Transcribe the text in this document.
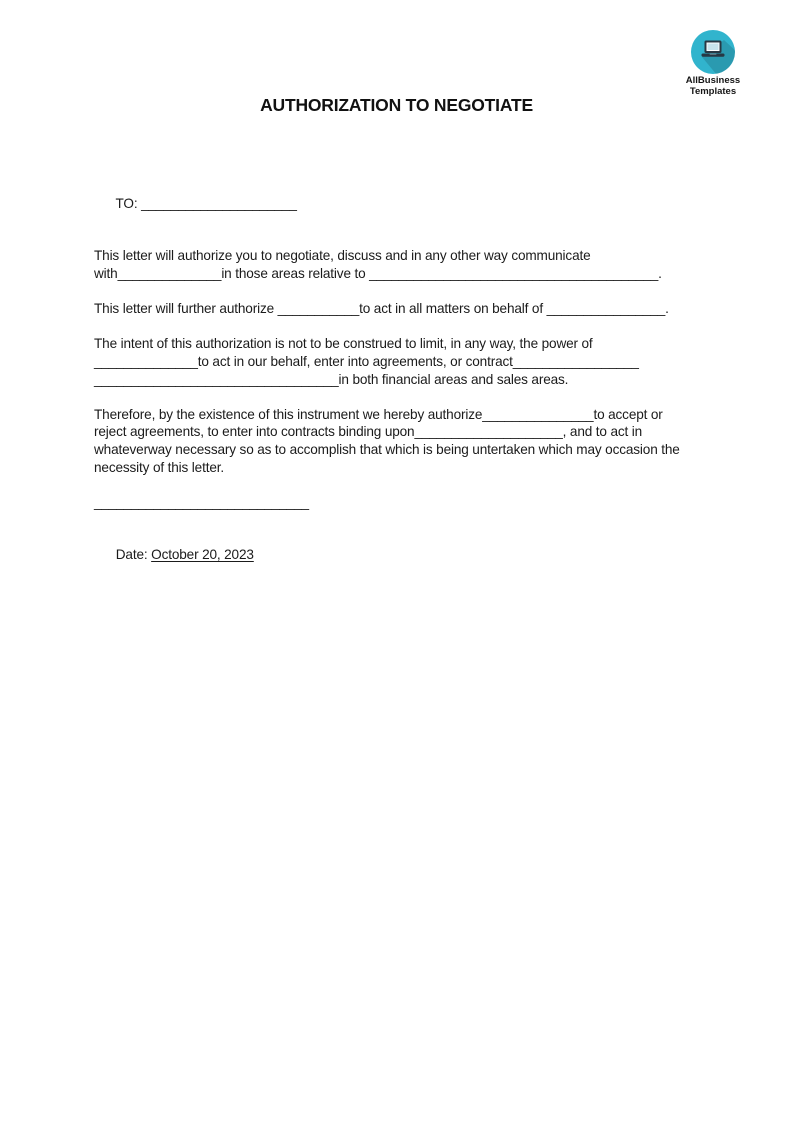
AllBusiness
Templates
AUTHORIZATION TO NEGOTIATE

TO: _____________________

This letter will authorize you to negotiate, discuss and in any other way communicate
with______________in those areas relative to _______________________________________.
This letter will further authorize ___________to act in all matters on behalf of ________________.
The intent of this authorization is not to be construed to limit, in any way, the power of
______________to act in our behalf, enter into agreements, or contract_________________
_________________________________in both financial areas and sales areas.
Therefore, by the existence of this instrument we hereby authorize_______________to accept or
reject agreements, to enter into contracts binding upon____________________, and to act in
whateverway necessary so as to accomplish that which is being untertaken which may occasion the
necessity of this letter.
_____________________________

Date: October 20, 2023
